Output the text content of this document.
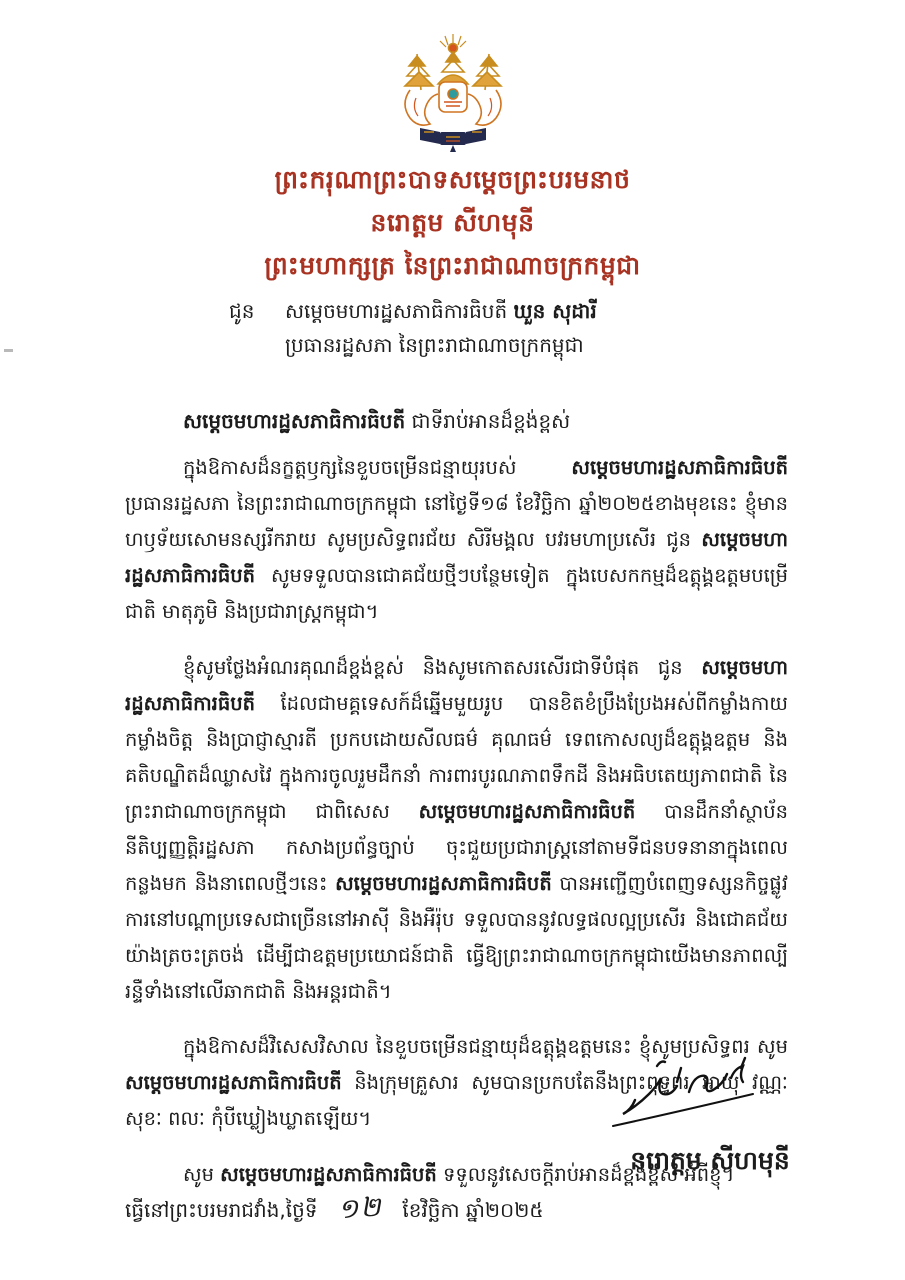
ព្រះករុណាព្រះបាទសម្ដេចព្រះបរមនាថ
នរោត្ដម សីហមុនី
ព្រះមហាក្សត្រ នៃព្រះរាជាណាចក្រកម្ពុជា
ជូន	សម្ដេចមហារដ្ឋសភាធិការធិបតី ឃួន សុដារី
ប្រធានរដ្ឋសភា នៃព្រះរាជាណាចក្រកម្ពុជា
សម្ដេចមហារដ្ឋសភាធិការធិបតី ជាទីរាប់អានដ៏ខ្ពង់ខ្ពស់

ក្នុងឱកាសដ៏នក្ខត្តឫក្សនៃខួបចម្រើនជន្មាយុរបស់ សម្ដេចមហារដ្ឋសភាធិការធិបតី ប្រធានរដ្ឋសភា នៃព្រះរាជាណាចក្រកម្ពុជា នៅថ្ងៃទី១៨ ខែវិច្ឆិកា ឆ្នាំ២០២៥ខាងមុខនេះ ខ្ញុំមានហឫទ័យសោមនស្សរីករាយ សូមប្រសិទ្ធពរជ័យ សិរីមង្គល បវរមហាប្រសើរ ជូន សម្ដេចមហារដ្ឋសភាធិការធិបតី សូមទទួលបានជោគជ័យថ្មីៗបន្ថែមទៀត ក្នុងបេសកកម្មដ៏ឧត្ដុង្គឧត្ដមបម្រើជាតិ មាតុភូមិ និងប្រជារាស្ត្រកម្ពុជា។

ខ្ញុំសូមថ្លែងអំណរគុណដ៏ខ្ពង់ខ្ពស់ និងសូមកោតសរសើរជាទីបំផុត ជូន សម្ដេចមហារដ្ឋសភាធិការធិបតី ដែលជាមគ្គទេសក៍ដ៏ឆ្នើមមួយរូប បានខិតខំប្រឹងប្រែងអស់ពីកម្លាំងកាយ កម្លាំងចិត្ត និងប្រាជ្ញាស្មារតី ប្រកបដោយសីលធម៌ គុណធម៌ ទេពកោសល្យដ៏ឧត្ដុង្គឧត្ដម និងគតិបណ្ឌិតដ៏ឈ្លាសវៃ ក្នុងការចូលរួមដឹកនាំ ការពារបូរណភាពទឹកដី និងអធិបតេយ្យភាពជាតិ នៃព្រះរាជាណាចក្រកម្ពុជា ជាពិសេស សម្ដេចមហារដ្ឋសភាធិការធិបតី បានដឹកនាំស្ថាប័ននីតិប្បញ្ញត្តិរដ្ឋសភា កសាងប្រព័ន្ធច្បាប់ ចុះជួយប្រជារាស្ត្រនៅតាមទីជនបទនានាក្នុងពេលកន្លងមក និងនាពេលថ្មីៗនេះ សម្ដេចមហារដ្ឋសភាធិការធិបតី បានអញ្ជើញបំពេញទស្សនកិច្ចផ្លូវការនៅបណ្ដាប្រទេសជាច្រើននៅអាស៊ី និងអឺរ៉ុប ទទួលបាននូវលទ្ធផលល្អប្រសើរ និងជោគជ័យយ៉ាងត្រចះត្រចង់ ដើម្បីជាឧត្ដមប្រយោជន៍ជាតិ ធ្វើឱ្យព្រះរាជាណាចក្រកម្ពុជាយើងមានភាពល្បីរន្ទឺទាំងនៅលើឆាកជាតិ និងអន្តរជាតិ។

ក្នុងឱកាសដ៏វិសេសវិសាល នៃខួបចម្រើនជន្មាយុដ៏ឧត្ដុង្គឧត្ដមនេះ ខ្ញុំសូមប្រសិទ្ធពរ សូម សម្ដេចមហារដ្ឋសភាធិការធិបតី និងក្រុមគ្រួសារ សូមបានប្រកបតែនឹងព្រះពុទ្ធពរ អាយុ វណ្ណៈ សុខៈ ពលៈ កុំបីឃ្លៀងឃ្លាតឡើយ។

សូម សម្ដេចមហារដ្ឋសភាធិការធិបតី ទទួលនូវសេចក្ដីរាប់អានដ៏ខ្ពង់ខ្ពស់ អំពីខ្ញុំ។

នរោត្ដម សីហមុនី
ធ្វើនៅព្រះបរមរាជវាំង,ថ្ងៃទី ១២ ខែវិច្ឆិកា ឆ្នាំ២០២៥
